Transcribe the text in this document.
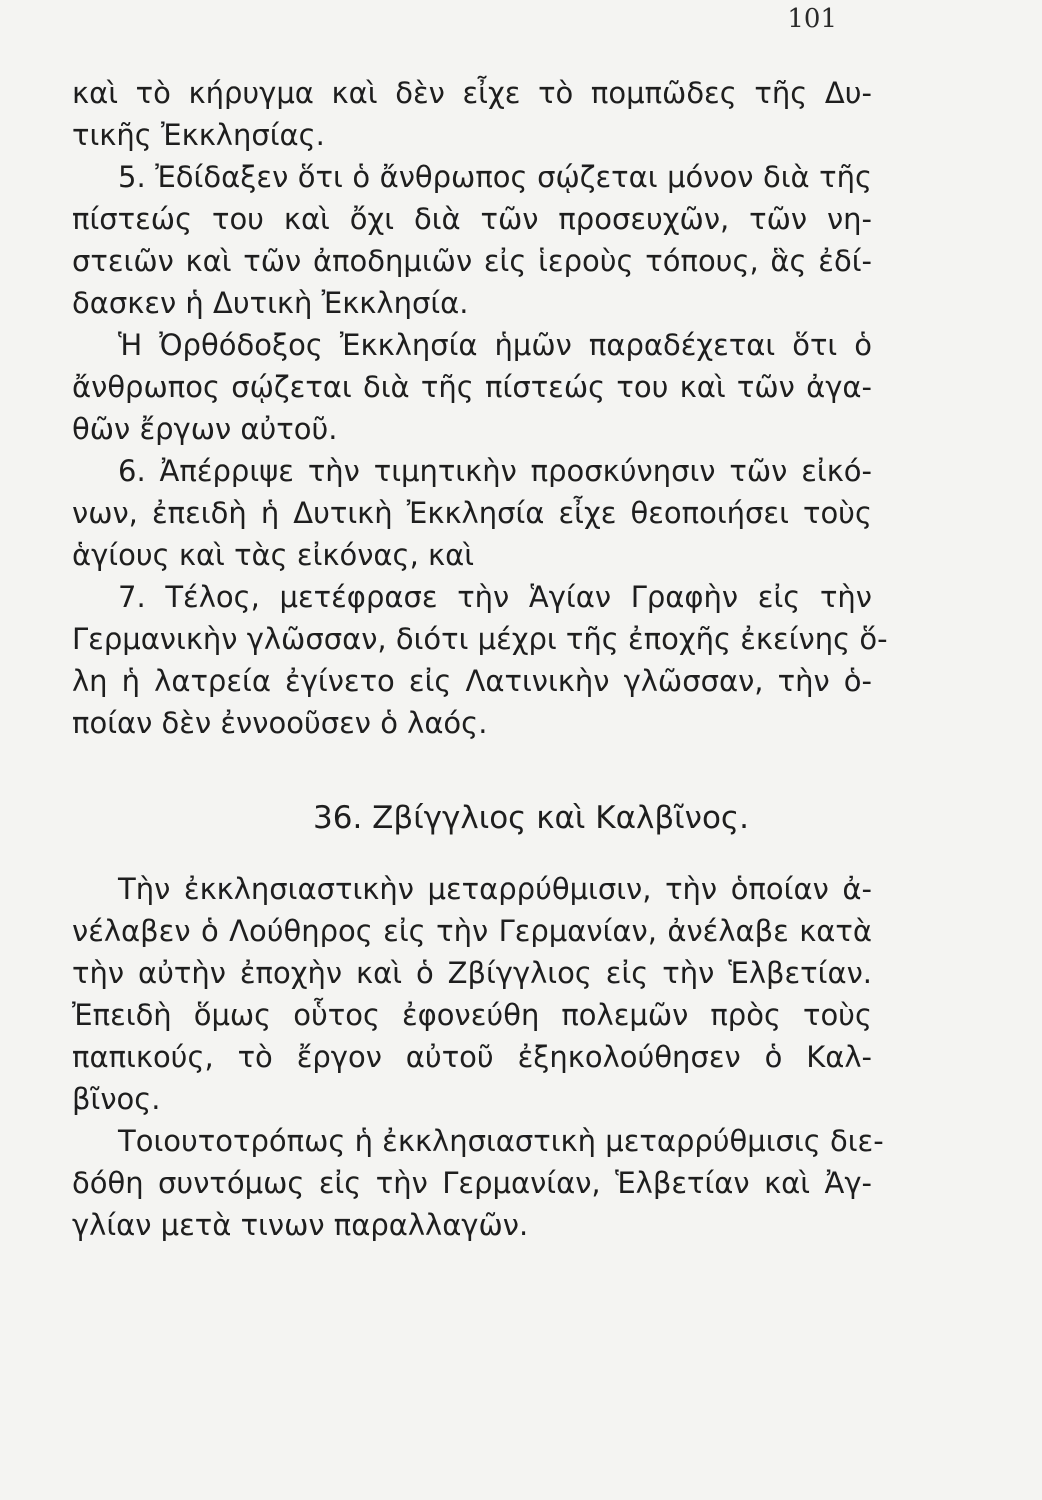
101
καὶ τὸ κήρυγμα καὶ δὲν εἶχε τὸ πομπῶδες τῆς Δυ-
τικῆς Ἐκκλησίας.
5. Ἐδίδαξεν ὅτι ὁ ἄνθρωπος σῴζεται μόνον διὰ τῆς
πίστεώς του καὶ ὄχι διὰ τῶν προσευχῶν, τῶν νη-
στειῶν καὶ τῶν ἀποδημιῶν εἰς ἱεροὺς τόπους, ἃς ἐδί-
δασκεν ἡ Δυτικὴ Ἐκκλησία.
Ἡ Ὀρθόδοξος Ἐκκλησία ἡμῶν παραδέχεται ὅτι ὁ
ἄνθρωπος σῴζεται διὰ τῆς πίστεώς του καὶ τῶν ἀγα-
θῶν ἔργων αὐτοῦ.
6. Ἀπέρριψε τὴν τιμητικὴν προσκύνησιν τῶν εἰκό-
νων, ἐπειδὴ ἡ Δυτικὴ Ἐκκλησία εἶχε θεοποιήσει τοὺς
ἁγίους καὶ τὰς εἰκόνας, καὶ
7. Τέλος, μετέφρασε τὴν Ἁγίαν Γραφὴν εἰς τὴν
Γερμανικὴν γλῶσσαν, διότι μέχρι τῆς ἐποχῆς ἐκείνης ὅ-
λη ἡ λατρεία ἐγίνετο εἰς Λατινικὴν γλῶσσαν, τὴν ὁ-
ποίαν δὲν ἐννοοῦσεν ὁ λαός.
36. Ζβίγγλιος καὶ Καλβῖνος.
Τὴν ἐκκλησιαστικὴν μεταρρύθμισιν, τὴν ὁποίαν ἀ-
νέλαβεν ὁ Λούθηρος εἰς τὴν Γερμανίαν, ἀνέλαβε κατὰ
τὴν αὐτὴν ἐποχὴν καὶ ὁ Ζβίγγλιος εἰς τὴν Ἑλβετίαν.
Ἐπειδὴ ὅμως οὗτος ἐφονεύθη πολεμῶν πρὸς τοὺς
παπικούς, τὸ ἔργον αὐτοῦ ἐξηκολούθησεν ὁ Καλ-
βῖνος.
Τοιουτοτρόπως ἡ ἐκκλησιαστικὴ μεταρρύθμισις διε-
δόθη συντόμως εἰς τὴν Γερμανίαν, Ἑλβετίαν καὶ Ἀγ-
γλίαν μετὰ τινων παραλλαγῶν.
